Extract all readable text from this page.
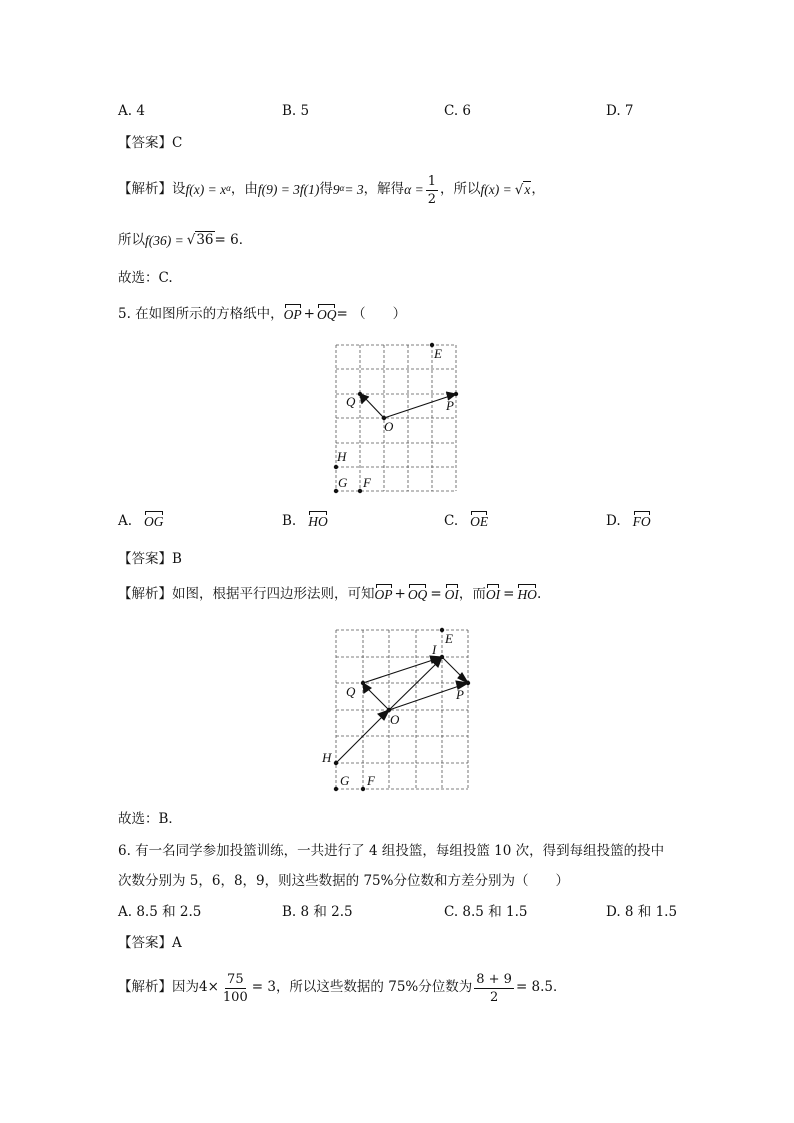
A. 4	B. 5	C. 6	D. 7
【答案】C
【解析】设 $f(x) = x^\alpha$ ，由 f(9) = 3f(1) 得 $9^\alpha = 3$ ，解得 $\alpha = \frac{1}{2}$ ，所以 f(x) = √x ，
所以 f(36) = √36 = 6．
故选：C.
5. 在如图所示的方格纸中， OP + OQ = （　　）
E
Q	P
O
H
G F
A. OG	B. HO	C. OE	D. FO
【答案】B
【解析】如图，根据平行四边形法则，可知 OP + OQ = OI ，而 OI = HO .
E
I
Q	P
O
H
G F
故选：B．
6. 有一名同学参加投篮训练，一共进行了 4 组投篮，每组投篮 10 次，得到每组投篮的投中
次数分别为 5，6，8，9，则这些数据的 75%分位数和方差分别为（　　）
A. 8.5 和 2.5	B. 8 和 2.5	C. 8.5 和 1.5	D. 8 和 1.5
【答案】A
【解析】因为 $4\times \frac{75}{100} = 3$ ，所以这些数据的 75%分位数为 $\frac{8 + 9}{2} = 8.5$．
